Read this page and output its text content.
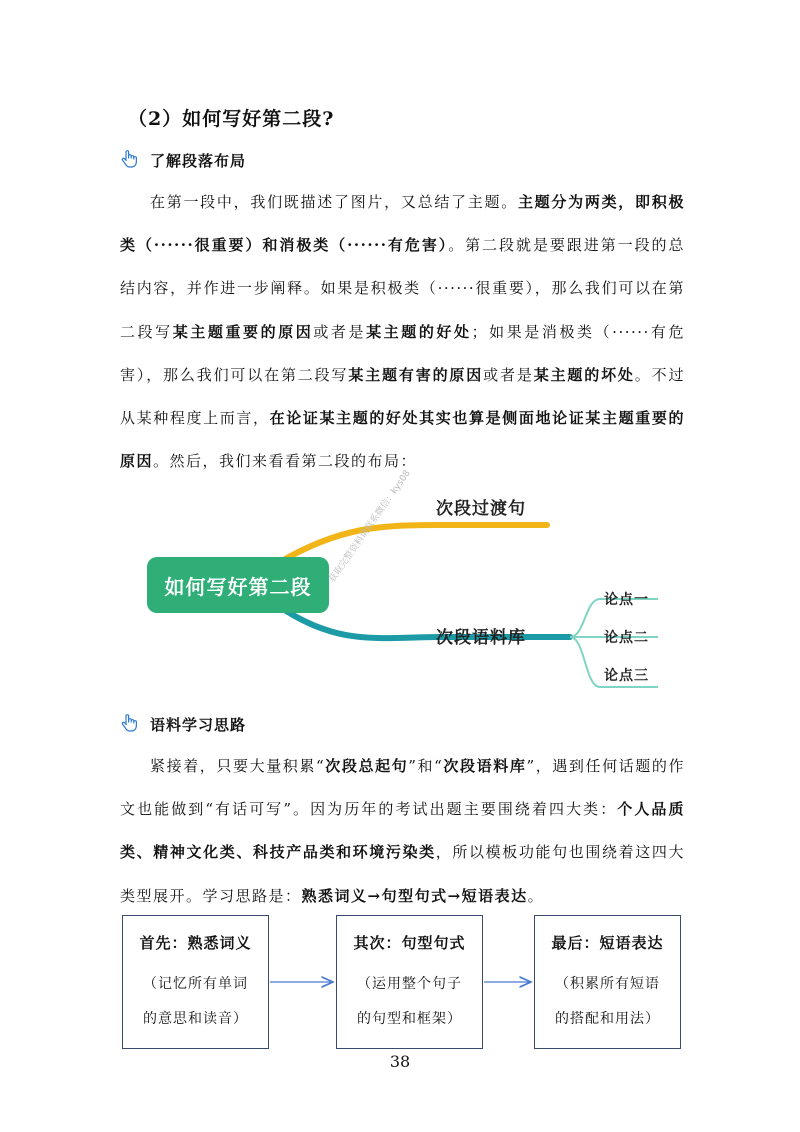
（2）如何写好第二段?
了解段落布局

在第一段中，我们既描述了图片，又总结了主题。主题分为两类，即积极类（······很重要）和消极类（······有危害）。第二段就是要跟进第一段的总结内容，并作进一步阐释。如果是积极类（······很重要），那么我们可以在第二段写某主题重要的原因或者是某主题的好处；如果是消极类（······有危害），那么我们可以在第二段写某主题有害的原因或者是某主题的坏处。不过从某种程度上而言，在论证某主题的好处其实也算是侧面地论证某主题重要的原因。然后，我们来看看第二段的布局：

如何写好第二段
次段过渡句
次段语料库
论点一
论点二
论点三
获取完整资料请联系微信：kys08
语料学习思路

紧接着，只要大量积累“次段总起句”和“次段语料库”，遇到任何话题的作文也能做到“有话可写”。因为历年的考试出题主要围绕着四大类：个人品质类、精神文化类、科技产品类和环境污染类，所以模板功能句也围绕着这四大类型展开。学习思路是：熟悉词义→句型句式→短语表达。

首先：熟悉词义
（记忆所有单词
的意思和读音）
其次：句型句式
（运用整个句子
的句型和框架）
最后：短语表达
（积累所有短语
的搭配和用法）
38
